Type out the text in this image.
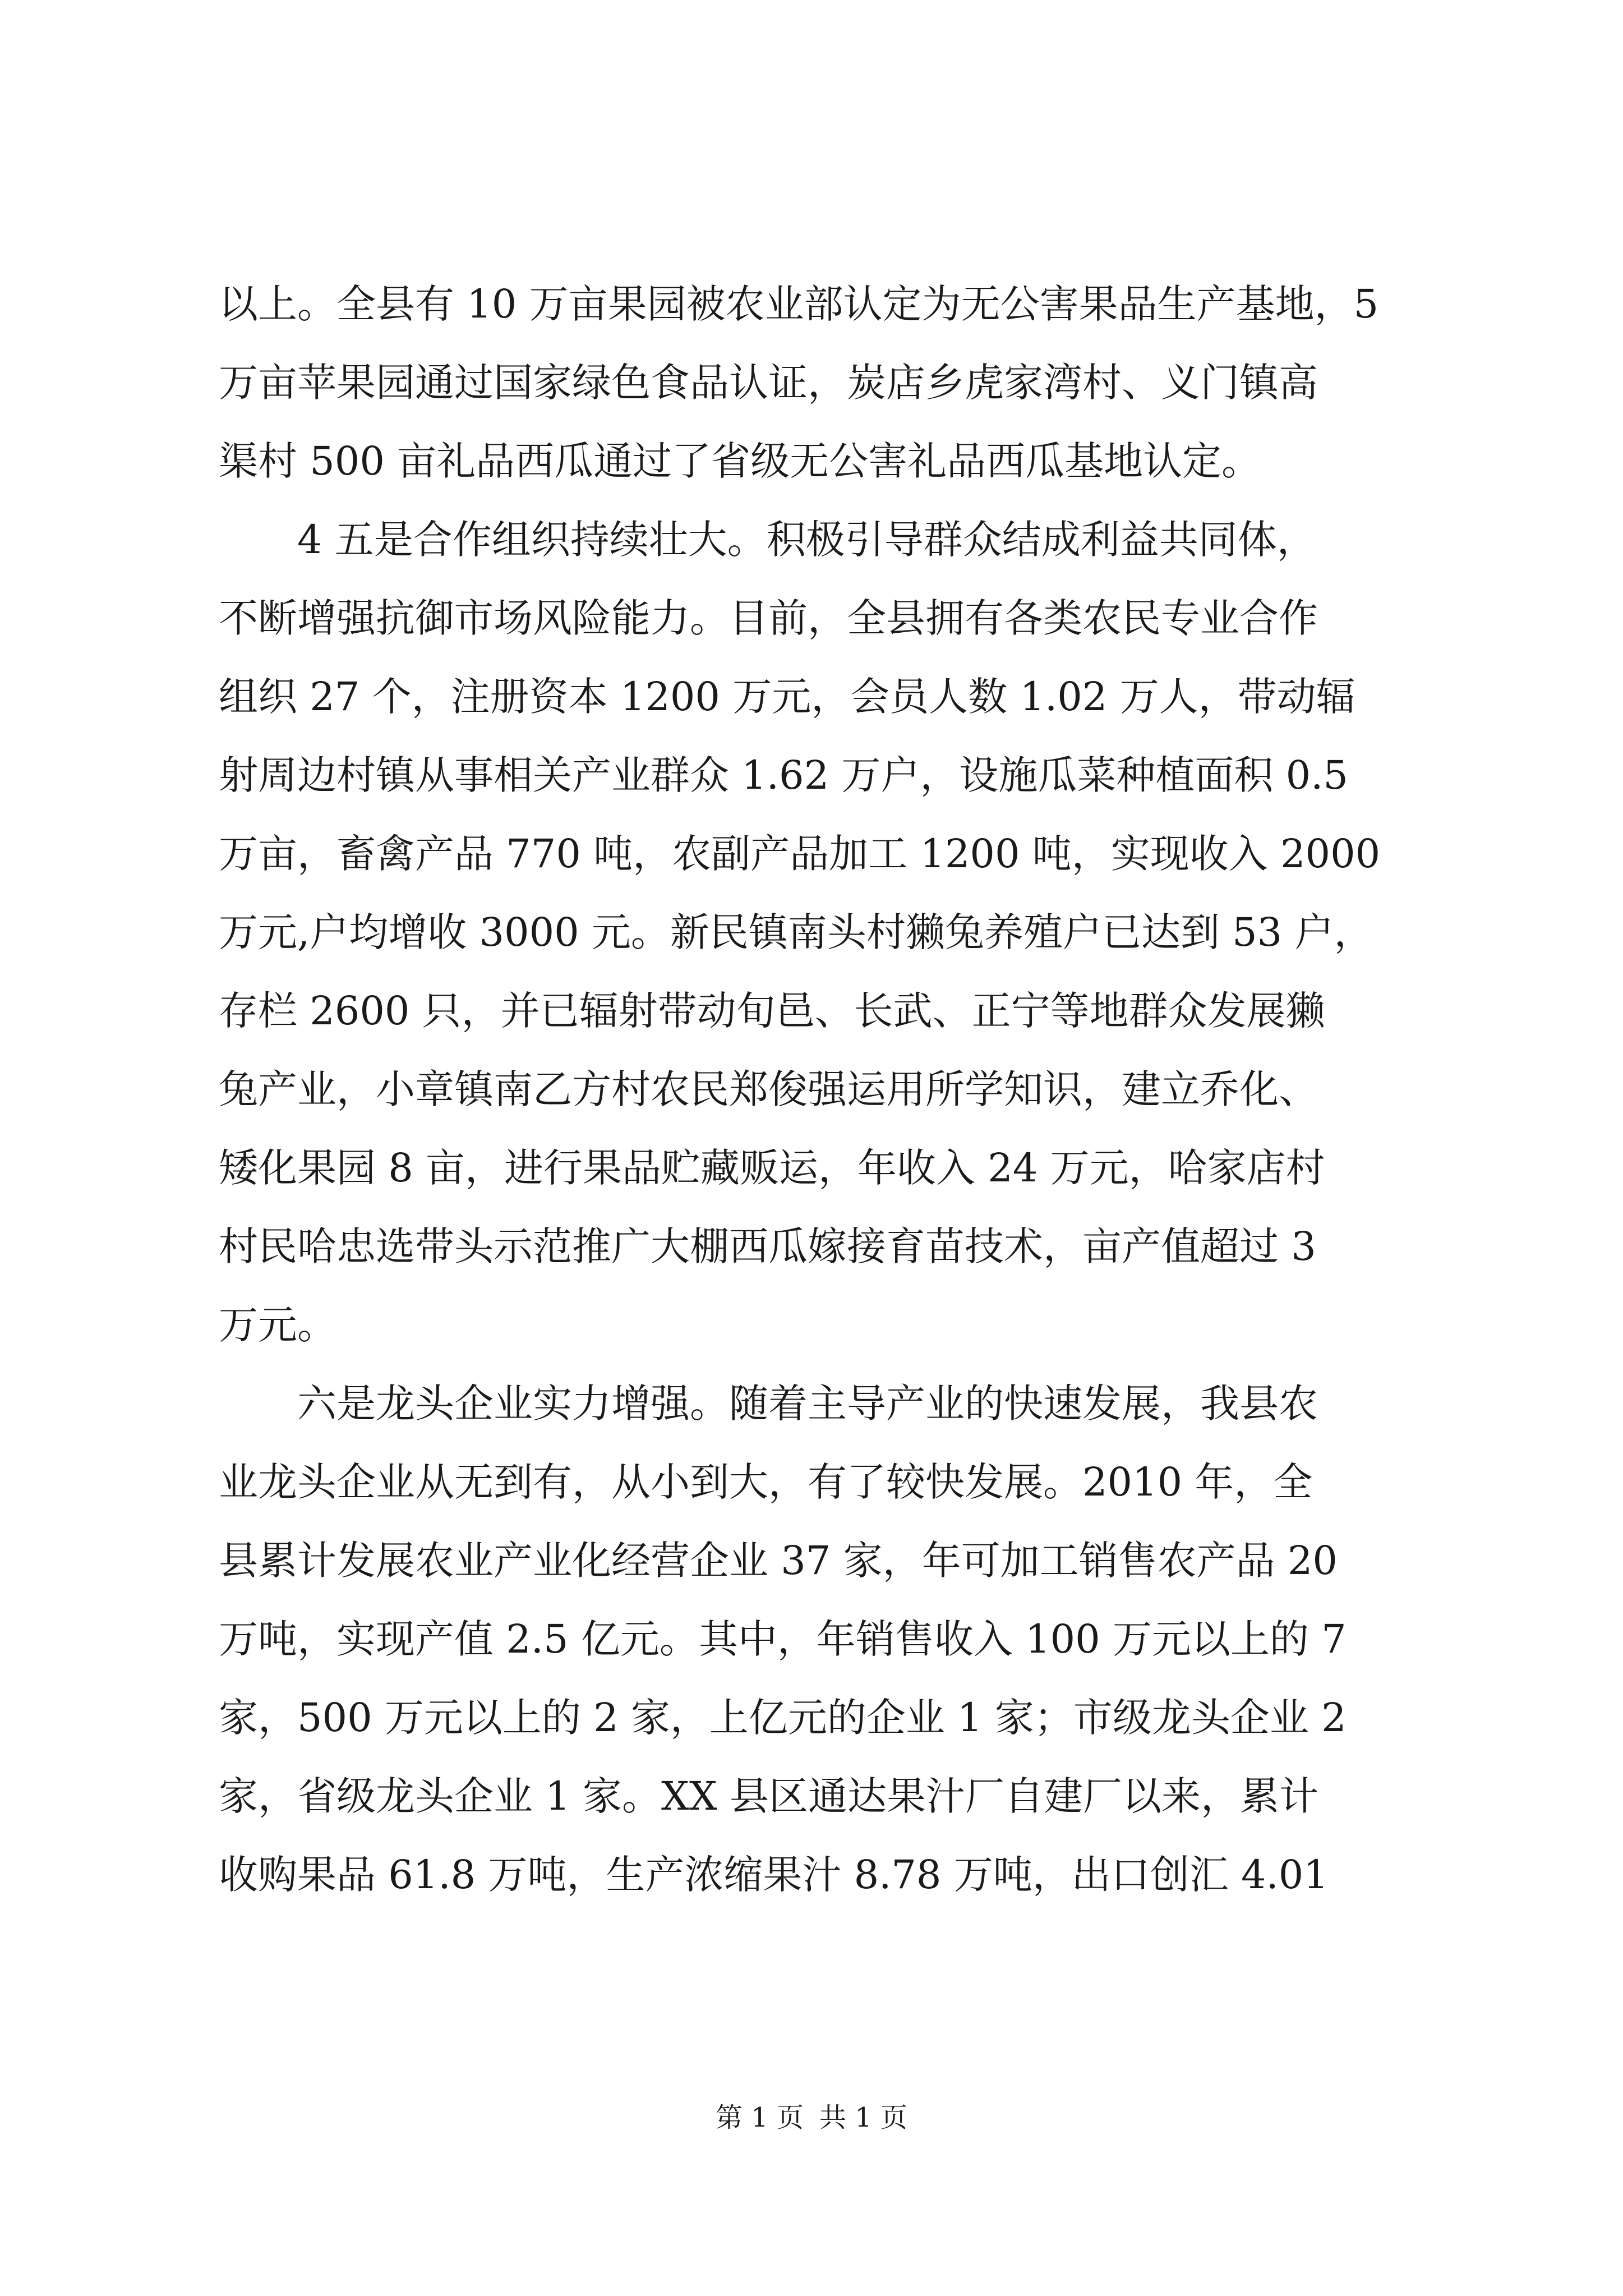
以上。全县有 10 万亩果园被农业部认定为无公害果品生产基地，5
万亩苹果园通过国家绿色食品认证，炭店乡虎家湾村、义门镇高
渠村 500 亩礼品西瓜通过了省级无公害礼品西瓜基地认定。
4 五是合作组织持续壮大。积极引导群众结成利益共同体，
不断增强抗御市场风险能力。目前，全县拥有各类农民专业合作
组织 27 个，注册资本 1200 万元，会员人数 1.02 万人，带动辐
射周边村镇从事相关产业群众 1.62 万户，设施瓜菜种植面积 0.5
万亩，畜禽产品 770 吨，农副产品加工 1200 吨，实现收入 2000
万元,户均增收 3000 元。新民镇南头村獭兔养殖户已达到 53 户，
存栏 2600 只，并已辐射带动旬邑、长武、正宁等地群众发展獭
兔产业，小章镇南乙方村农民郑俊强运用所学知识，建立乔化、
矮化果园 8 亩，进行果品贮藏贩运，年收入 24 万元，哈家店村
村民哈忠选带头示范推广大棚西瓜嫁接育苗技术，亩产值超过 3
万元。
六是龙头企业实力增强。随着主导产业的快速发展，我县农
业龙头企业从无到有，从小到大，有了较快发展。2010 年，全
县累计发展农业产业化经营企业 37 家，年可加工销售农产品 20
万吨，实现产值 2.5 亿元。其中，年销售收入 100 万元以上的 7
家，500 万元以上的 2 家，上亿元的企业 1 家；市级龙头企业 2
家，省级龙头企业 1 家。XX 县区通达果汁厂自建厂以来，累计
收购果品 61.8 万吨，生产浓缩果汁 8.78 万吨，出口创汇 4.01
第 1 页 共 1 页
